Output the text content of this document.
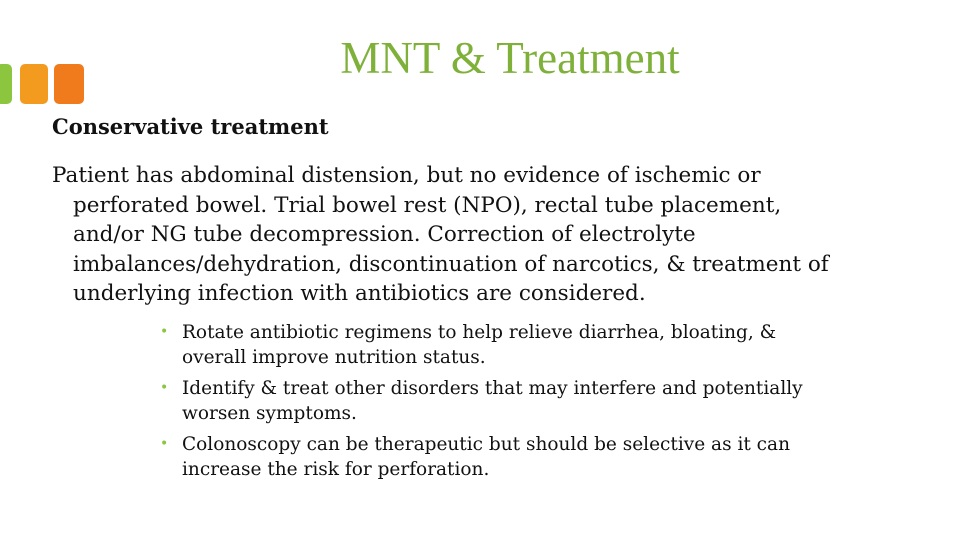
MNT & Treatment
Conservative treatment

Patient has abdominal distension, but no evidence of ischemic or
perforated bowel. Trial bowel rest (NPO), rectal tube placement,
and/or NG tube decompression. Correction of electrolyte
imbalances/dehydration, discontinuation of narcotics, & treatment of
underlying infection with antibiotics are considered.

• Rotate antibiotic regimens to help relieve diarrhea, bloating, &
overall improve nutrition status.
• Identify & treat other disorders that may interfere and potentially
worsen symptoms.
• Colonoscopy can be therapeutic but should be selective as it can
increase the risk for perforation.
